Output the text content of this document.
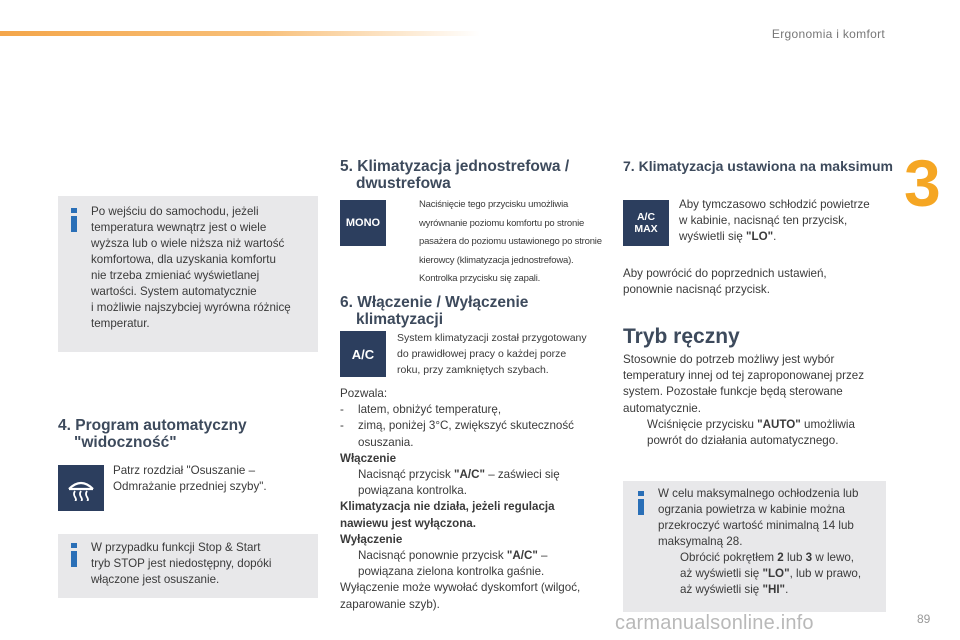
Ergonomia i komfort
3
89
carmanualsonline.info
Po wejściu do samochodu, jeżeli
temperatura wewnątrz jest o wiele
wyższa lub o wiele niższa niż wartość
komfortowa, dla uzyskania komfortu
nie trzeba zmieniać wyświetlanej
wartości. System automatycznie
i możliwie najszybciej wyrówna różnicę
temperatur.
4. Program automatyczny
"widoczność"
Patrz rozdział "Osuszanie –
Odmrażanie przedniej szyby".
W przypadku funkcji Stop & Start
tryb STOP jest niedostępny, dopóki
włączone jest osuszanie.
5. Klimatyzacja jednostrefowa /
dwustrefowa
MONO
Naciśnięcie tego przycisku umożliwia
wyrównanie poziomu komfortu po stronie
pasażera do poziomu ustawionego po stronie
kierowcy (klimatyzacja jednostrefowa).
Kontrolka przycisku się zapali.
6. Włączenie / Wyłączenie
klimatyzacji
A/C
System klimatyzacji został przygotowany
do prawidłowej pracy o każdej porze
roku, przy zamkniętych szybach.
Pozwala:
-	latem, obniżyć temperaturę,
-	zimą, poniżej 3°C, zwiększyć skuteczność
osuszania.
Włączenie
Nacisnąć przycisk "A/C" – zaświeci się
powiązana kontrolka.
Klimatyzacja nie działa, jeżeli regulacja
nawiewu jest wyłączona.
Wyłączenie
Nacisnąć ponownie przycisk "A/C" –
powiązana zielona kontrolka gaśnie.
Wyłączenie może wywołać dyskomfort (wilgoć,
zaparowanie szyb).
7. Klimatyzacja ustawiona na maksimum
A/C
MAX
Aby tymczasowo schłodzić powietrze
w kabinie, nacisnąć ten przycisk,
wyświetli się "LO".
Aby powrócić do poprzednich ustawień,
ponownie nacisnąć przycisk.
Tryb ręczny
Stosownie do potrzeb możliwy jest wybór
temperatury innej od tej zaproponowanej przez
system. Pozostałe funkcje będą sterowane
automatycznie.
Wciśnięcie przycisku "AUTO" umożliwia
powrót do działania automatycznego.
W celu maksymalnego ochłodzenia lub
ogrzania powietrza w kabinie można
przekroczyć wartość minimalną 14 lub
maksymalną 28.
Obrócić pokrętłem 2 lub 3 w lewo,
aż wyświetli się "LO", lub w prawo,
aż wyświetli się "HI".
